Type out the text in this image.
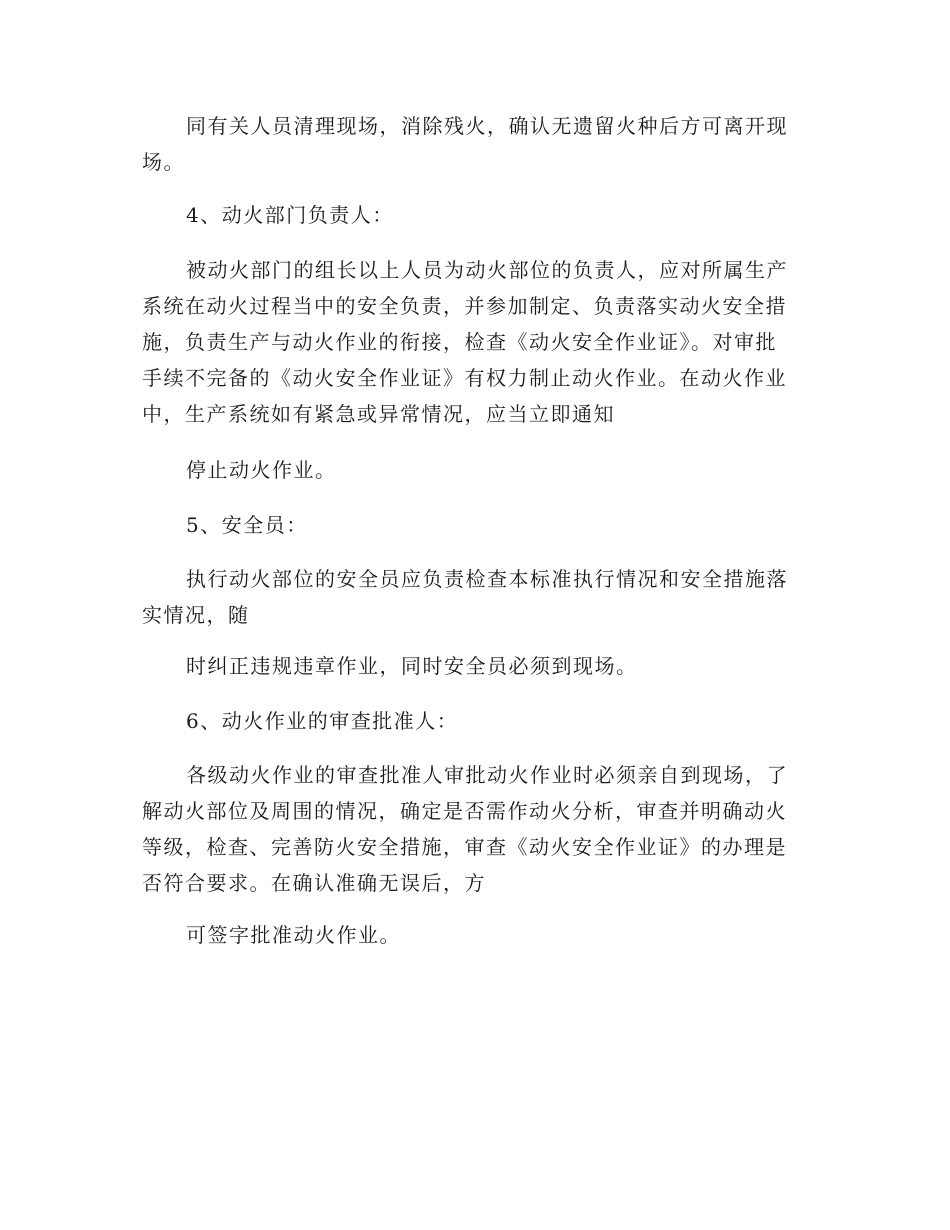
同有关人员清理现场，消除残火，确认无遗留火种后方可离开现场。

4、动火部门负责人：

被动火部门的组长以上人员为动火部位的负责人，应对所属生产系统在动火过程当中的安全负责，并参加制定、负责落实动火安全措施，负责生产与动火作业的衔接，检查《动火安全作业证》。对审批手续不完备的《动火安全作业证》有权力制止动火作业。在动火作业中，生产系统如有紧急或异常情况，应当立即通知

停止动火作业。

5、安全员：

执行动火部位的安全员应负责检查本标准执行情况和安全措施落实情况，随

时纠正违规违章作业，同时安全员必须到现场。

6、动火作业的审查批准人：

各级动火作业的审查批准人审批动火作业时必须亲自到现场，了解动火部位及周围的情况，确定是否需作动火分析，审查并明确动火等级，检查、完善防火安全措施，审查《动火安全作业证》的办理是否符合要求。在确认准确无误后，方

可签字批准动火作业。
